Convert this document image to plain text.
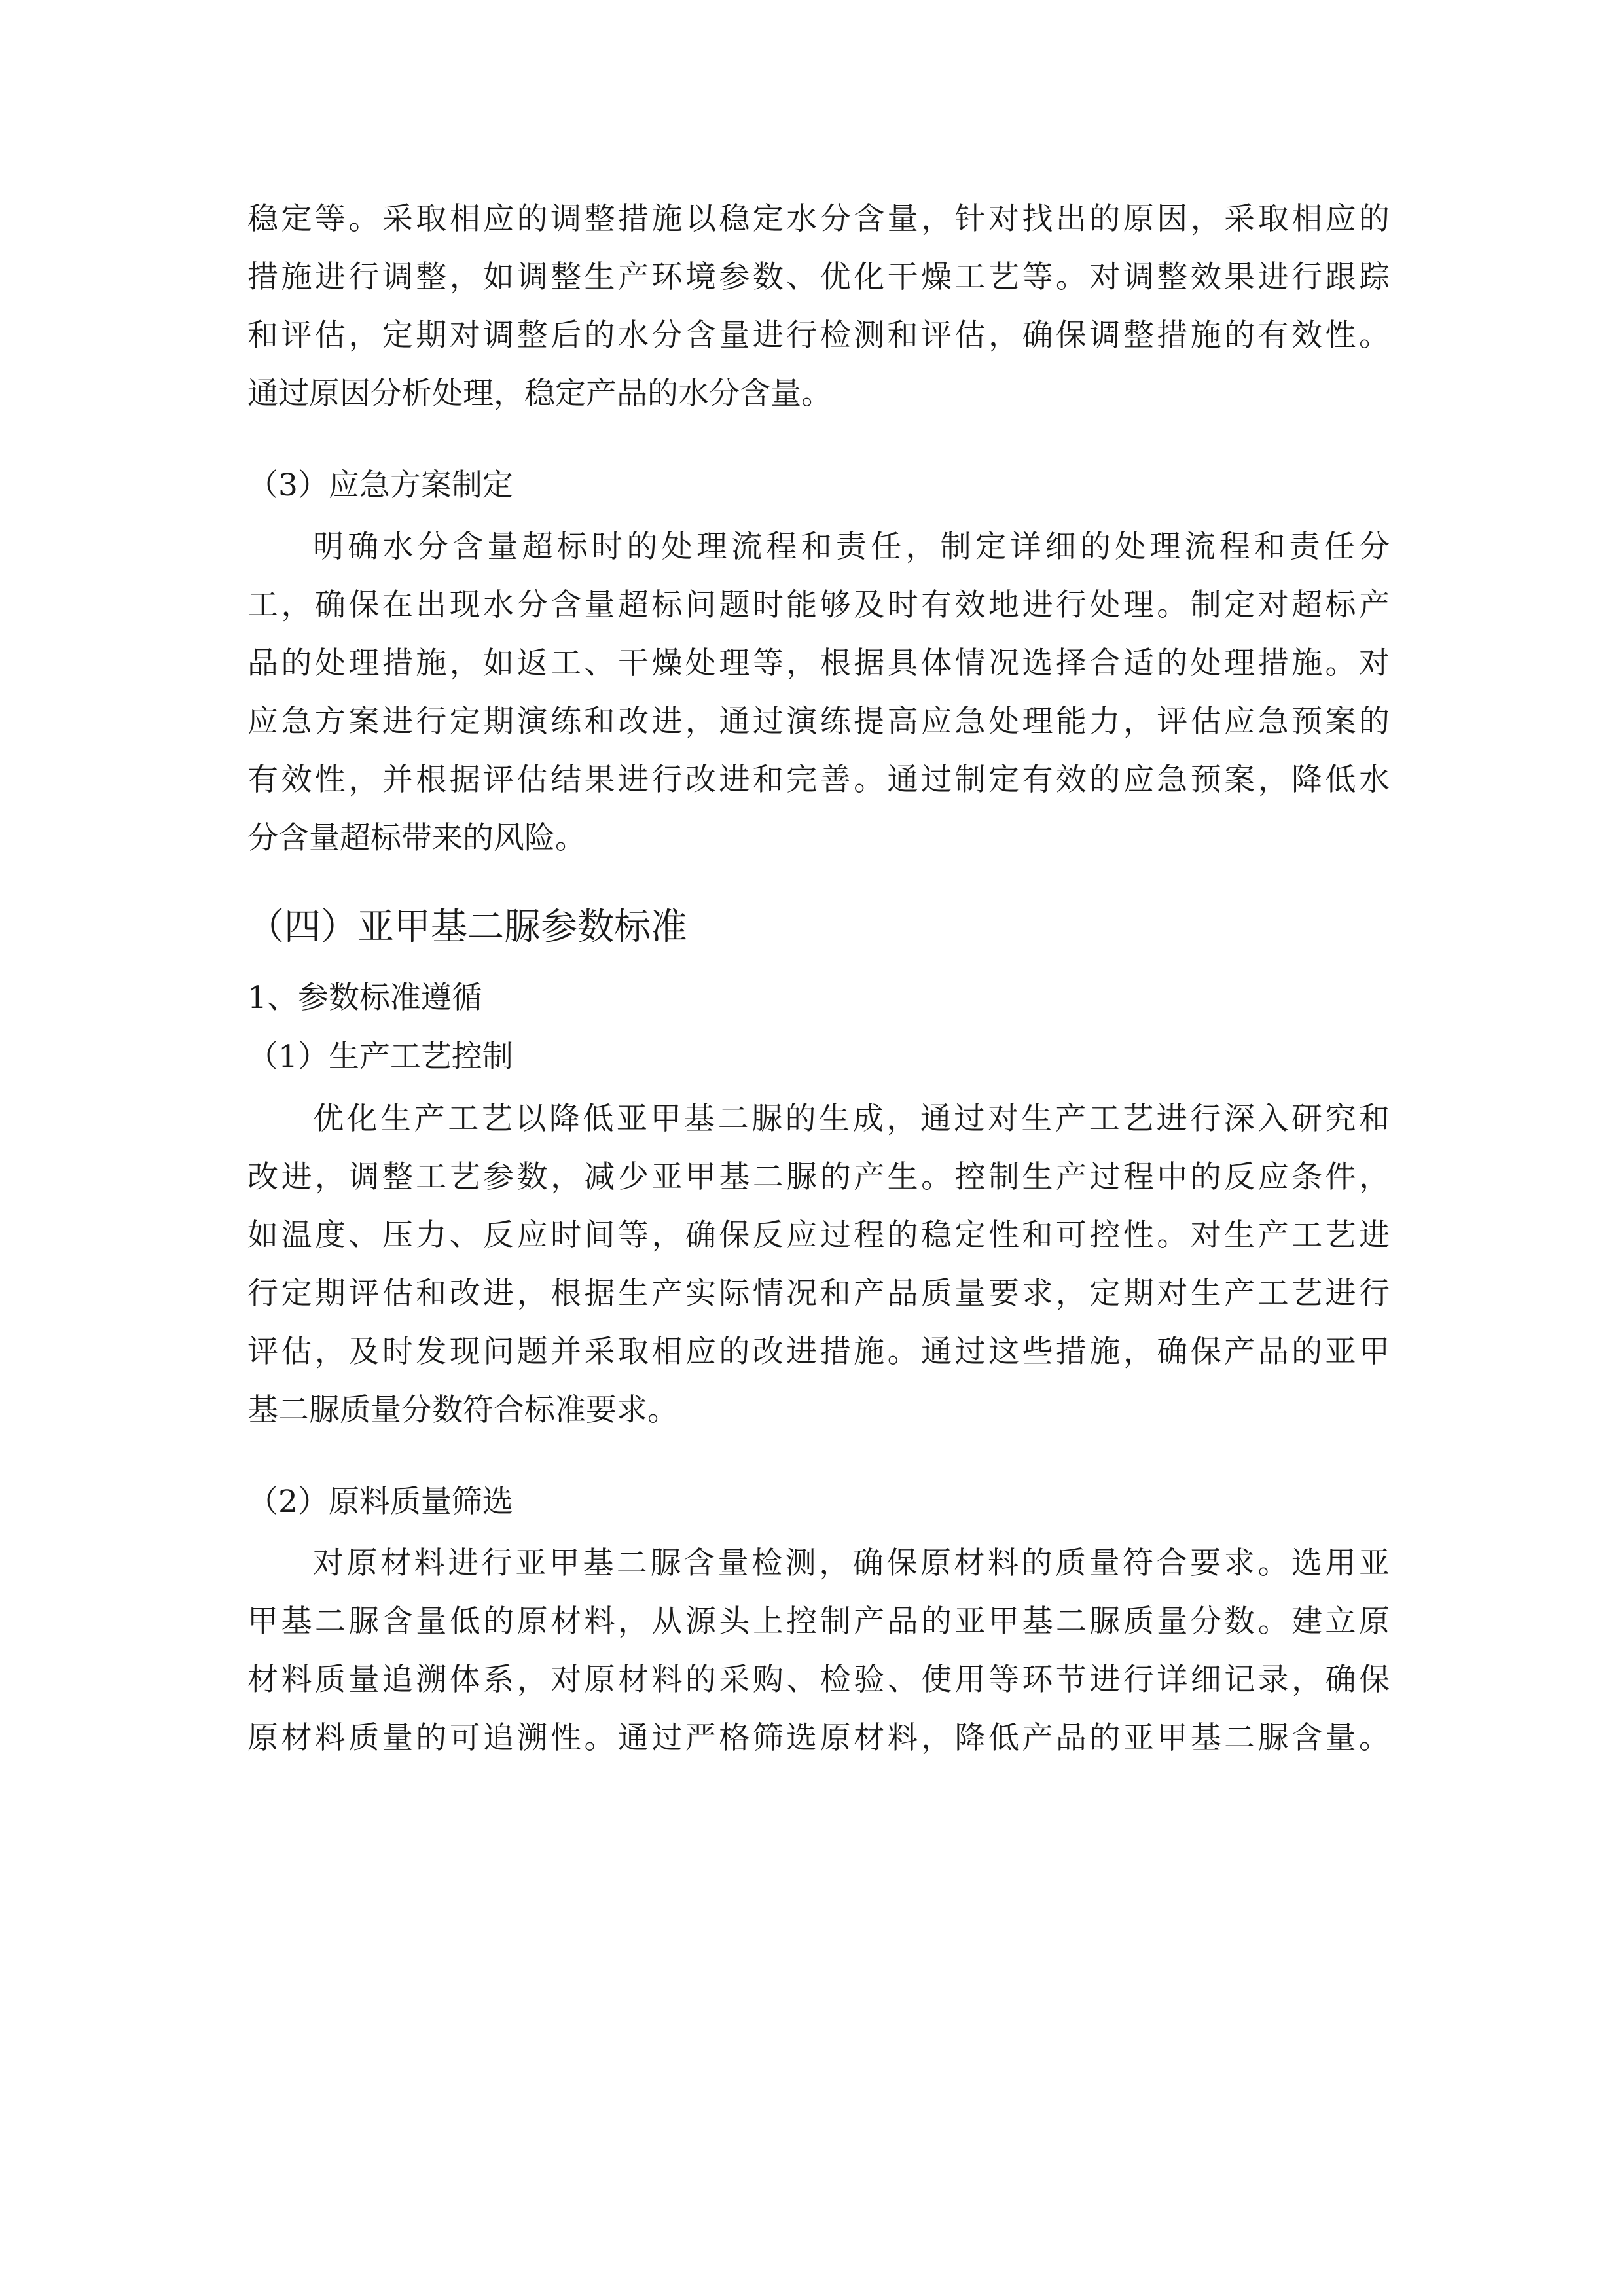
稳定等。采取相应的调整措施以稳定水分含量，针对找出的原因，采取相应的
措施进行调整，如调整生产环境参数、优化干燥工艺等。对调整效果进行跟踪
和评估，定期对调整后的水分含量进行检测和评估，确保调整措施的有效性。
通过原因分析处理，稳定产品的水分含量。
（3）应急方案制定
明确水分含量超标时的处理流程和责任，制定详细的处理流程和责任分
工，确保在出现水分含量超标问题时能够及时有效地进行处理。制定对超标产
品的处理措施，如返工、干燥处理等，根据具体情况选择合适的处理措施。对
应急方案进行定期演练和改进，通过演练提高应急处理能力，评估应急预案的
有效性，并根据评估结果进行改进和完善。通过制定有效的应急预案，降低水
分含量超标带来的风险。
（四）亚甲基二脲参数标准
1、参数标准遵循
（1）生产工艺控制
优化生产工艺以降低亚甲基二脲的生成，通过对生产工艺进行深入研究和
改进，调整工艺参数，减少亚甲基二脲的产生。控制生产过程中的反应条件，
如温度、压力、反应时间等，确保反应过程的稳定性和可控性。对生产工艺进
行定期评估和改进，根据生产实际情况和产品质量要求，定期对生产工艺进行
评估，及时发现问题并采取相应的改进措施。通过这些措施，确保产品的亚甲
基二脲质量分数符合标准要求。
（2）原料质量筛选
对原材料进行亚甲基二脲含量检测，确保原材料的质量符合要求。选用亚
甲基二脲含量低的原材料，从源头上控制产品的亚甲基二脲质量分数。建立原
材料质量追溯体系，对原材料的采购、检验、使用等环节进行详细记录，确保
原材料质量的可追溯性。通过严格筛选原材料，降低产品的亚甲基二脲含量。
